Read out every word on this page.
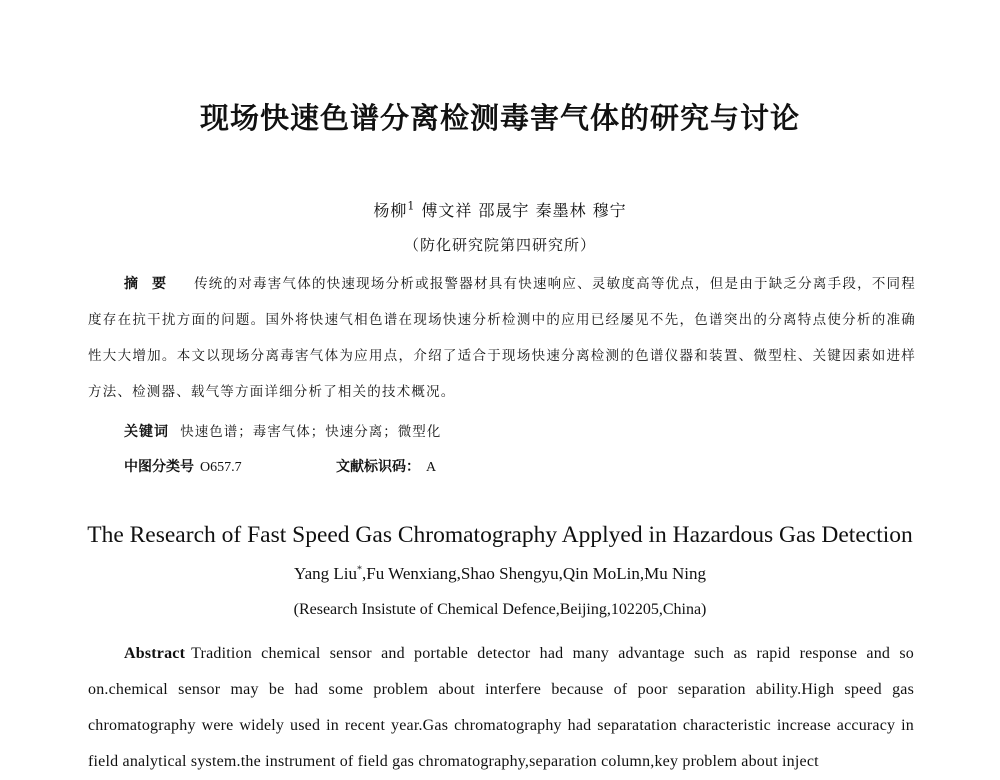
现场快速色谱分离检测毒害气体的研究与讨论
杨柳$^1$ 傅文祥 邵晟宇 秦墨林 穆宁
（防化研究院第四研究所）
摘要 传统的对毒害气体的快速现场分析或报警器材具有快速响应、灵敏度高等优点，但是由于缺乏分离手段，不同程度存在抗干扰方面的问题。国外将快速气相色谱在现场快速分析检测中的应用已经屡见不先，色谱突出的分离特点使分析的准确性大大增加。本文以现场分离毒害气体为应用点，介绍了适合于现场快速分离检测的色谱仪器和装置、微型柱、关键因素如进样方法、检测器、载气等方面详细分析了相关的技术概况。
关键词 快速色谱；毒害气体；快速分离；微型化
中图分类号 O657.7	文献标识码： A
The Research of Fast Speed Gas Chromatography Applyed in Hazardous Gas Detection
Yang Liu*,Fu Wenxiang,Shao Shengyu,Qin MoLin,Mu Ning
(Research Insistute of Chemical Defence,Beijing,102205,China)
Abstract Tradition chemical sensor and portable detector had many advantage such as rapid response and so on.chemical sensor may be had some problem about interfere because of poor separation ability.High speed gas chromatography were widely used in recent year.Gas chromatography had separatation characteristic increase accuracy in field analytical system.the instrument of field gas chromatography,separation column,key problem about inject
